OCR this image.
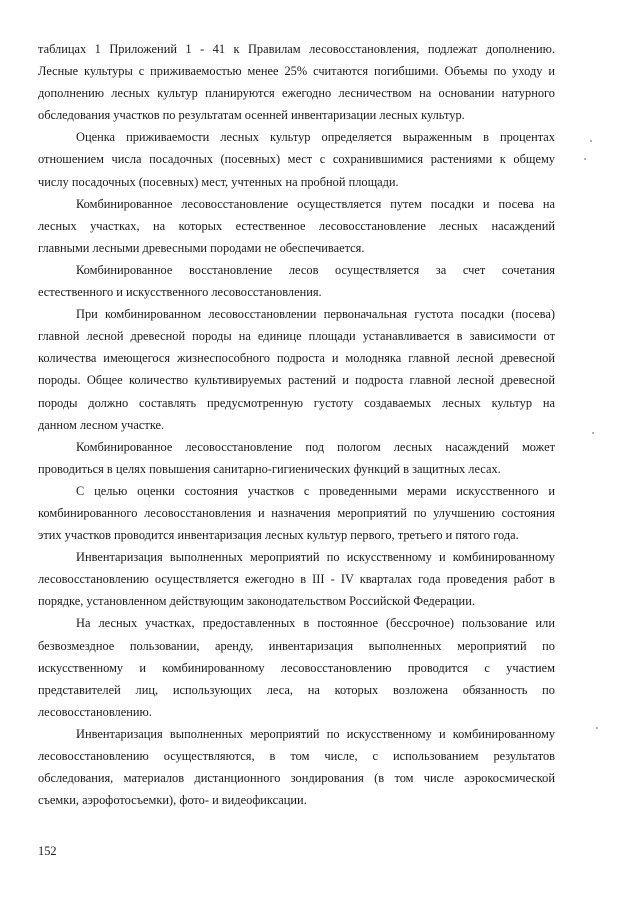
таблицах 1 Приложений 1 - 41 к Правилам лесовосстановления, подлежат дополнению.
Лесные культуры с приживаемостью менее 25% считаются погибшими. Объемы по уходу и
дополнению лесных культур планируются ежегодно лесничеством на основании натурного
обследования участков по результатам осенней инвентаризации лесных культур.
Оценка приживаемости лесных культур определяется выраженным в процентах
отношением числа посадочных (посевных) мест с сохранившимися растениями к общему
числу посадочных (посевных) мест, учтенных на пробной площади.
Комбинированное лесовосстановление осуществляется путем посадки и посева на
лесных участках, на которых естественное лесовосстановление лесных насаждений
главными лесными древесными породами не обеспечивается.
Комбинированное восстановление лесов осуществляется за счет сочетания
естественного и искусственного лесовосстановления.
При комбинированном лесовосстановлении первоначальная густота посадки (посева)
главной лесной древесной породы на единице площади устанавливается в зависимости от
количества имеющегося жизнеспособного подроста и молодняка главной лесной древесной
породы. Общее количество культивируемых растений и подроста главной лесной древесной
породы должно составлять предусмотренную густоту создаваемых лесных культур на
данном лесном участке.
Комбинированное лесовосстановление под пологом лесных насаждений может
проводиться в целях повышения санитарно-гигиенических функций в защитных лесах.
С целью оценки состояния участков с проведенными мерами искусственного и
комбинированного лесовосстановления и назначения мероприятий по улучшению состояния
этих участков проводится инвентаризация лесных культур первого, третьего и пятого года.
Инвентаризация выполненных мероприятий по искусственному и комбинированному
лесовосстановлению осуществляется ежегодно в III - IV кварталах года проведения работ в
порядке, установленном действующим законодательством Российской Федерации.
На лесных участках, предоставленных в постоянное (бессрочное) пользование или
безвозмездное пользовании, аренду, инвентаризация выполненных мероприятий по
искусственному и комбинированному лесовосстановлению проводится с участием
представителей лиц, использующих леса, на которых возложена обязанность по
лесовосстановлению.
Инвентаризация выполненных мероприятий по искусственному и комбинированному
лесовосстановлению осуществляются, в том числе, с использованием результатов
обследования, материалов дистанционного зондирования (в том числе аэрокосмической
съемки, аэрофотосъемки), фото- и видеофиксации.
152
